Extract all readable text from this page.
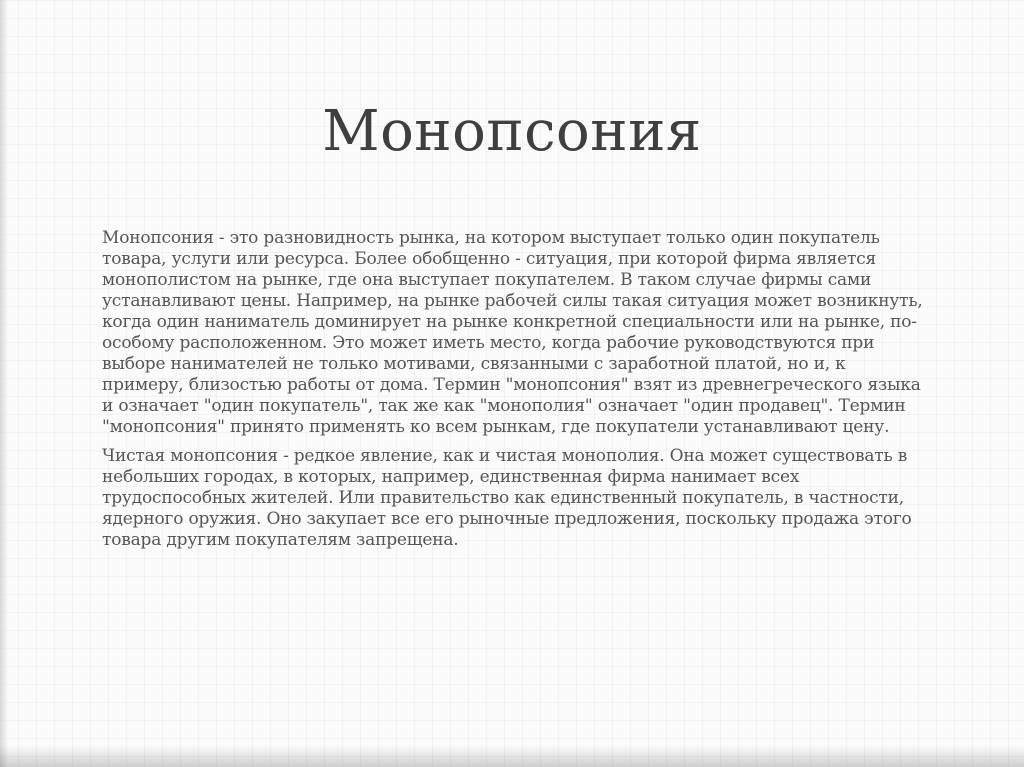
Монопсония

Монопсония - это разновидность рынка, на котором выступает только один покупатель товара, услуги или ресурса. Более обобщенно - ситуация, при которой фирма является монополистом на рынке, где она выступает покупателем. В таком случае фирмы сами устанавливают цены. Например, на рынке рабочей силы такая ситуация может возникнуть, когда один наниматель доминирует на рынке конкретной специальности или на рынке, по-особому расположенном. Это может иметь место, когда рабочие руководствуются при выборе нанимателей не только мотивами, связанными с заработной платой, но и, к примеру, близостью работы от дома. Термин "монопсония" взят из древнегреческого языка и означает "один покупатель", так же как "монополия" означает "один продавец". Термин "монопсония" принято применять ко всем рынкам, где покупатели устанавливают цену.

Чистая монопсония - редкое явление, как и чистая монополия. Она может существовать в небольших городах, в которых, например, единственная фирма нанимает всех трудоспособных жителей. Или правительство как единственный покупатель, в частности, ядерного оружия. Оно закупает все его рыночные предложения, поскольку продажа этого товара другим покупателям запрещена.
